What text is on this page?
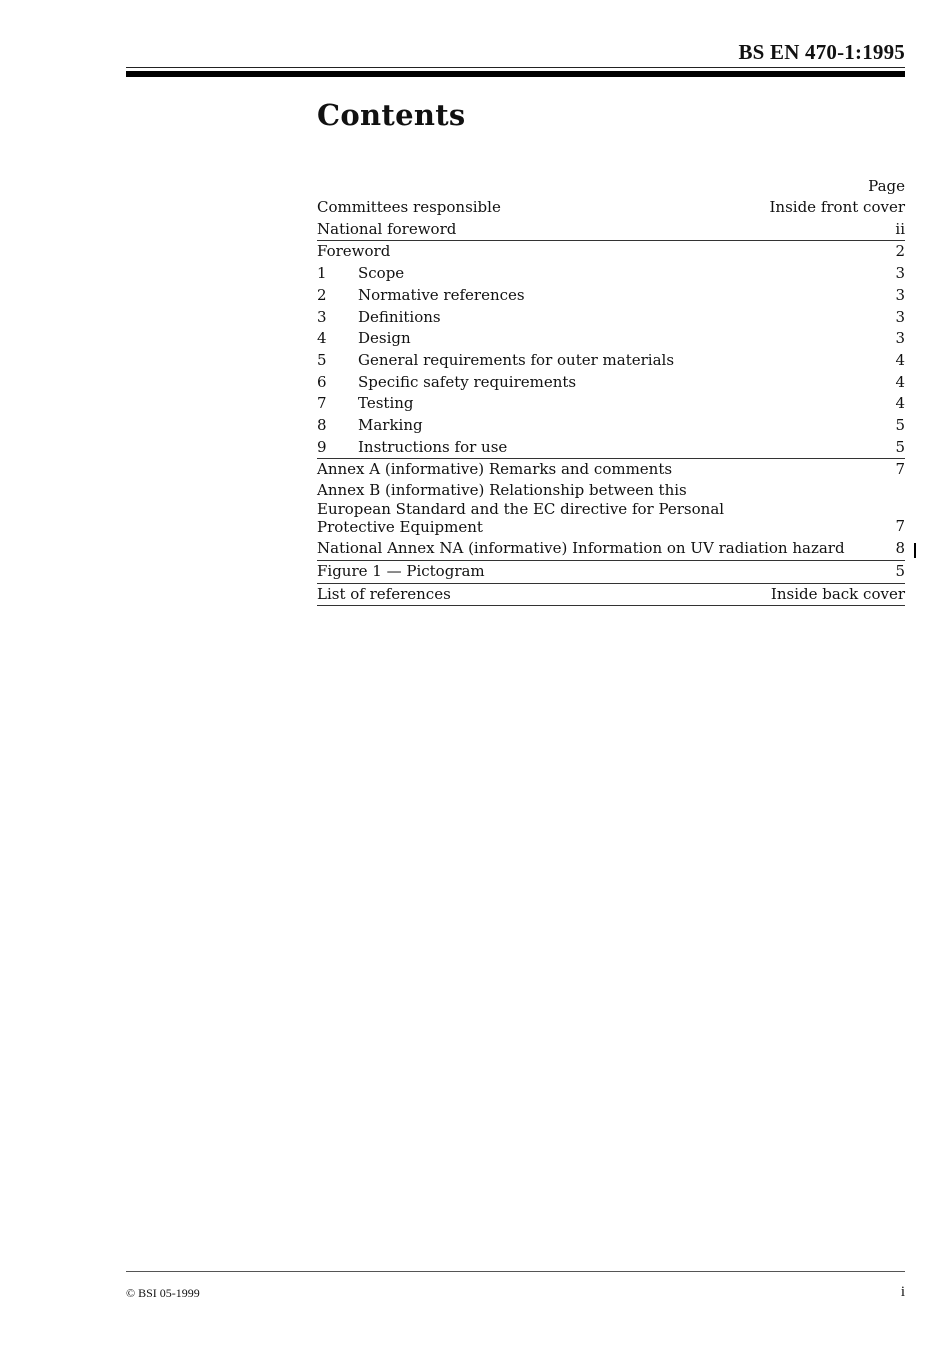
BS EN 470-1:1995
Contents
Page
Committees responsible	Inside front cover
National foreword	ii
Foreword	2
1	Scope	3
2	Normative references	3
3	Definitions	3
4	Design	3
5	General requirements for outer materials	4
6	Specific safety requirements	4
7	Testing	4
8	Marking	5
9	Instructions for use	5
Annex A (informative) Remarks and comments	7
Annex B (informative) Relationship between this European Standard and the EC directive for Personal Protective Equipment	7
National Annex NA (informative) Information on UV radiation hazard	8
Figure 1 — Pictogram	5
List of references	Inside back cover
© BSI 05-1999	i
